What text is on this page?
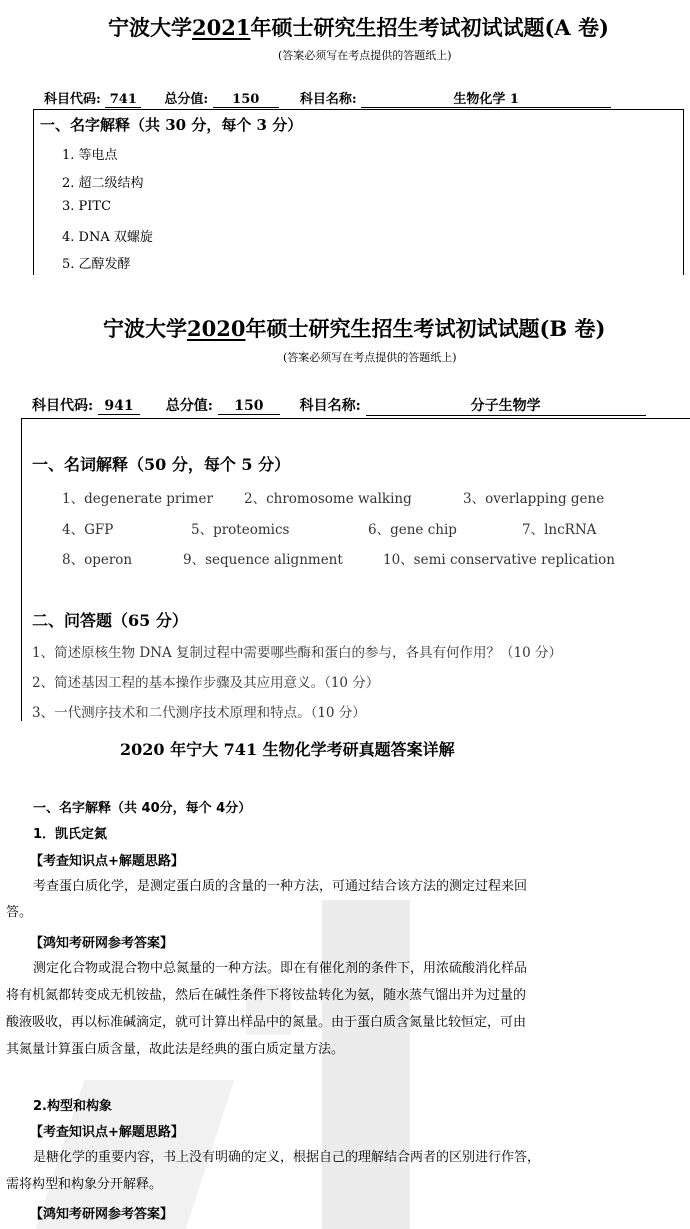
宁波大学2021年硕士研究生招生考试初试试题(A 卷)
(答案必须写在考点提供的答题纸上)
科目代码: 741 总分值: 150	科目名称:	生物化学 1
一、名字解释（共 30 分，每个 3 分）
1. 等电点
2. 超二级结构
3. PITC
4. DNA 双螺旋
5. 乙醇发酵
宁波大学2020年硕士研究生招生考试初试试题(B 卷)
(答案必须写在考点提供的答题纸上)
科目代码: 941 总分值: 150	科目名称:	分子生物学
一、名词解释（50 分，每个 5 分）
1、degenerate primer 2、chromosome walking	3、overlapping gene
4、GFP	5、proteomics	6、gene chip	7、lncRNA
8、operon	9、sequence alignment	10、semi conservative replication
二、问答题（65 分）
1、简述原核生物 DNA 复制过程中需要哪些酶和蛋白的参与，各具有何作用？（10 分）
2、简述基因工程的基本操作步骤及其应用意义。（10 分）
3、一代测序技术和二代测序技术原理和特点。（10 分）
2020 年宁大 741 生物化学考研真题答案详解
一、名字解释（共 40分，每个 4分）
1．凯氏定氮
【考查知识点+解题思路】
考查蛋白质化学，是测定蛋白质的含量的一种方法，可通过结合该方法的测定过程来回
答。
【鸿知考研网参考答案】
测定化合物或混合物中总氮量的一种方法。即在有催化剂的条件下，用浓硫酸消化样品
将有机氮都转变成无机铵盐，然后在碱性条件下将铵盐转化为氨，随水蒸气馏出并为过量的
酸液吸收，再以标准碱滴定，就可计算出样品中的氮量。由于蛋白质含氮量比较恒定，可由
其氮量计算蛋白质含量，故此法是经典的蛋白质定量方法。
2.构型和构象
【考查知识点+解题思路】
是糖化学的重要内容，书上没有明确的定义，根据自己的理解结合两者的区别进行作答，
需将构型和构象分开解释。
【鸿知考研网参考答案】
